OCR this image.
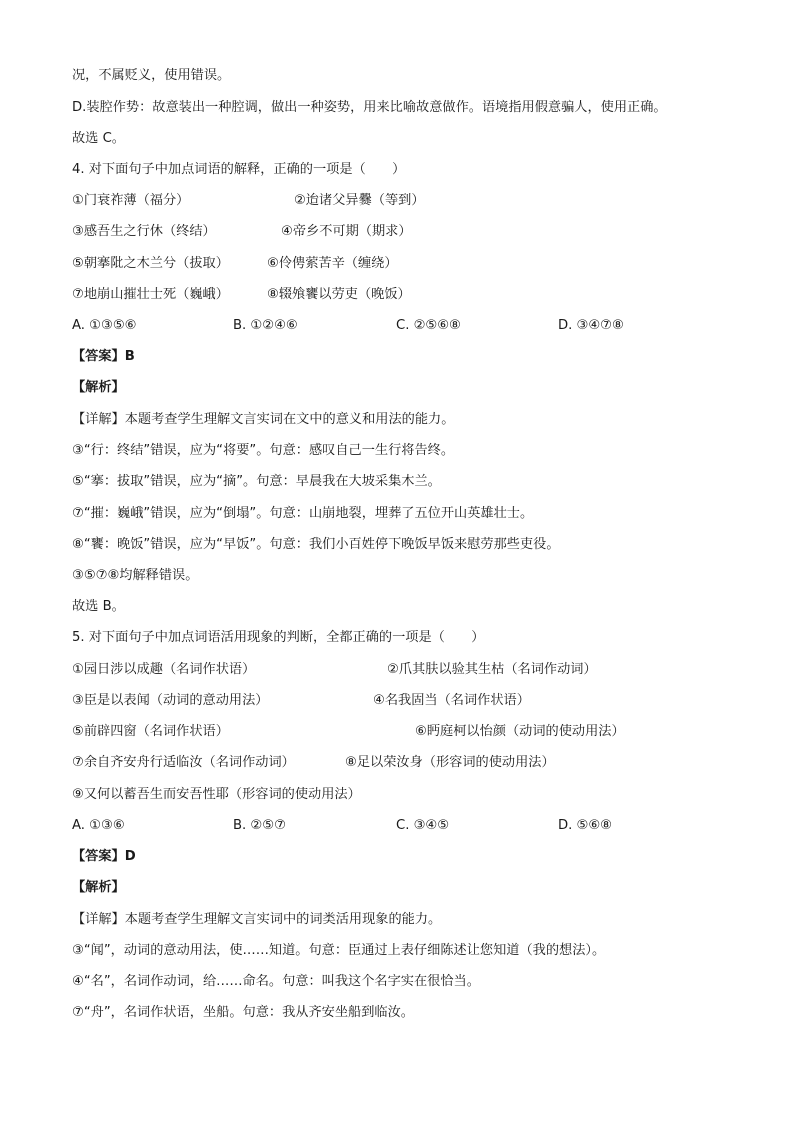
况，不属贬义，使用错误。
D.装腔作势：故意装出一种腔调，做出一种姿势，用来比喻故意做作。语境指用假意骗人，使用正确。
故选 C。
4. 对下面句子中加点词语的解释，正确的一项是（　　）
①门衰祚薄（福分）	②迨诸父异爨（等到）
③感吾生之行休（终结）	④帝乡不可期（期求）
⑤朝搴阰之木兰兮（拔取）	⑥伶俜萦苦辛（缠绕）
⑦地崩山摧壮士死（巍峨）	⑧辍飧饔以劳吏（晚饭）
A. ①③⑤⑥	B. ①②④⑥	C. ②⑤⑥⑧	D. ③④⑦⑧
【答案】B
【解析】
【详解】本题考查学生理解文言实词在文中的意义和用法的能力。
③“行：终结”错误，应为“将要”。句意：感叹自己一生行将告终。
⑤“搴：拔取”错误，应为“摘”。句意：早晨我在大坡采集木兰。
⑦“摧：巍峨”错误，应为“倒塌”。句意：山崩地裂，埋葬了五位开山英雄壮士。
⑧“饔：晚饭”错误，应为“早饭”。句意：我们小百姓停下晚饭早饭来慰劳那些吏役。
③⑤⑦⑧均解释错误。
故选 B。
5. 对下面句子中加点词语活用现象的判断，全都正确的一项是（　　）
①园日涉以成趣（名词作状语）	②爪其肤以验其生枯（名词作动词）
③臣是以表闻（动词的意动用法）	④名我固当（名词作状语）
⑤前辟四窗（名词作状语）	⑥眄庭柯以怡颜（动词的使动用法）
⑦余自齐安舟行适临汝（名词作动词）	⑧足以荣汝身（形容词的使动用法）
⑨又何以蓄吾生而安吾性耶（形容词的使动用法）
A. ①③⑥	B. ②⑤⑦	C. ③④⑤	D. ⑤⑥⑧
【答案】D
【解析】
【详解】本题考查学生理解文言实词中的词类活用现象的能力。
③“闻”，动词的意动用法，使……知道。句意：臣通过上表仔细陈述让您知道（我的想法）。
④“名”，名词作动词，给……命名。句意：叫我这个名字实在很恰当。
⑦“舟”，名词作状语，坐船。句意：我从齐安坐船到临汝。
